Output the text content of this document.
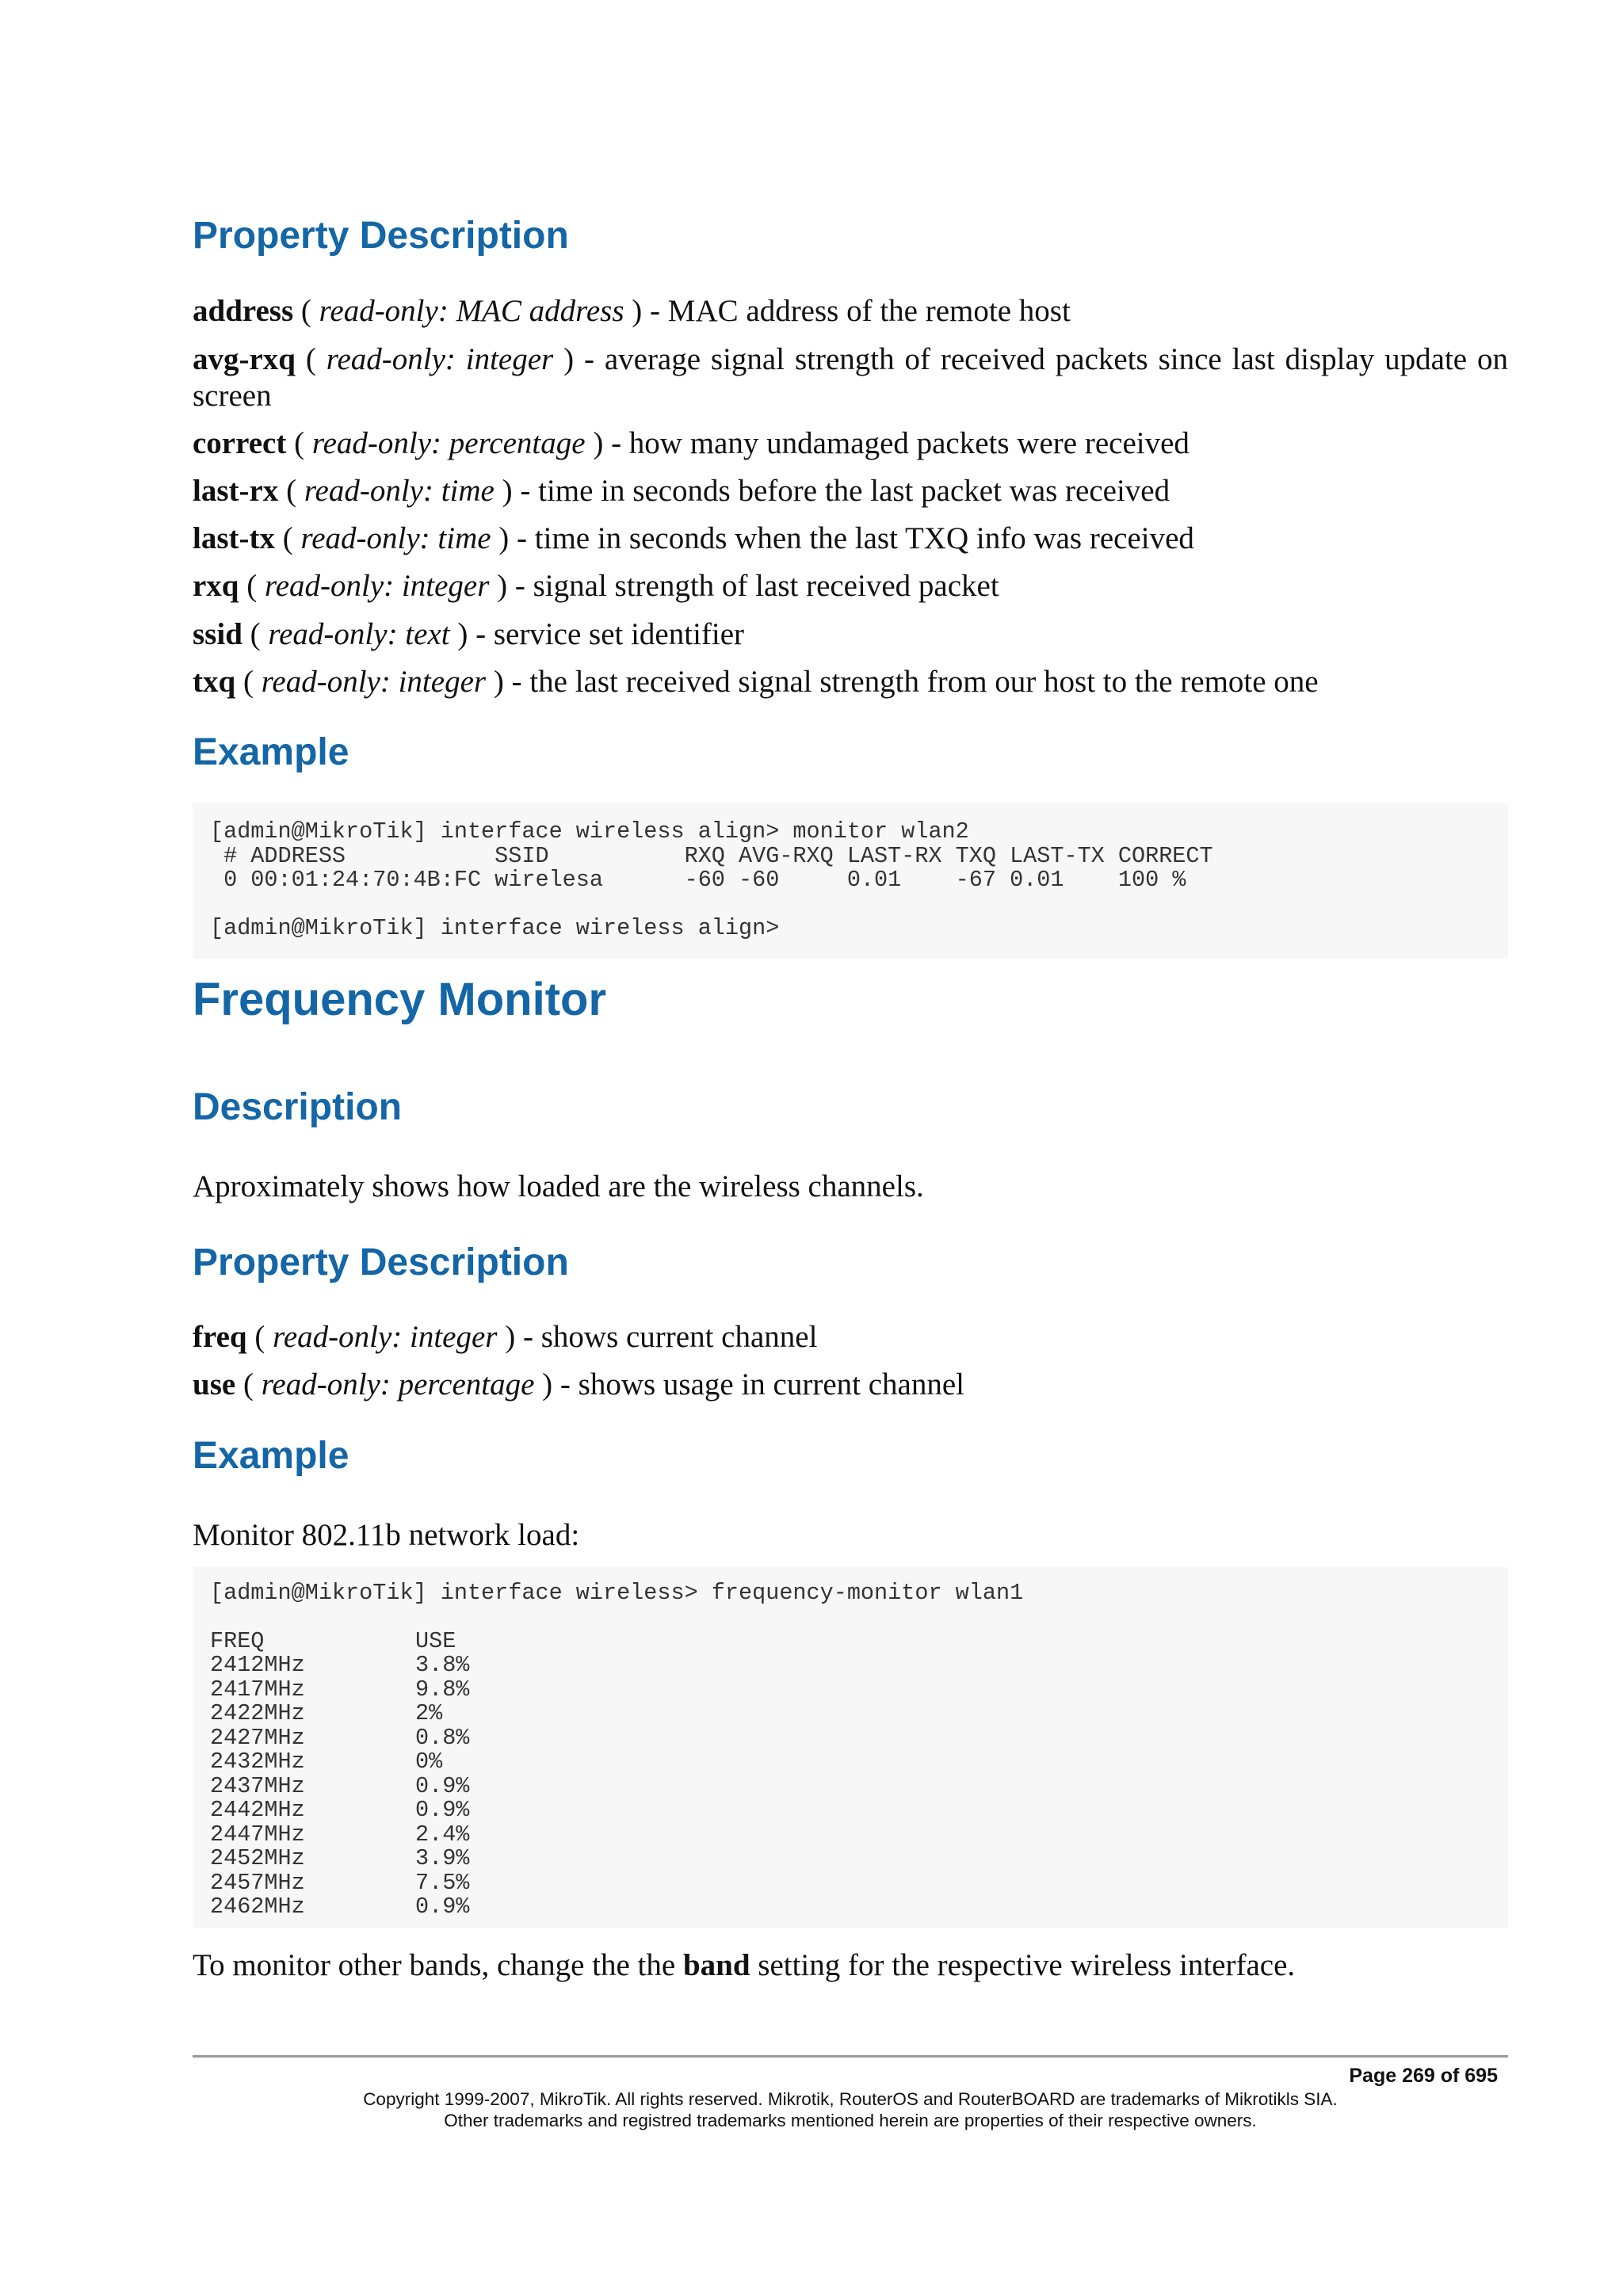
Property Description

address ( read-only: MAC address ) - MAC address of the remote host

avg-rxq ( read-only: integer ) - average signal strength of received packets since last display update on screen

correct ( read-only: percentage ) - how many undamaged packets were received

last-rx ( read-only: time ) - time in seconds before the last packet was received

last-tx ( read-only: time ) - time in seconds when the last TXQ info was received

rxq ( read-only: integer ) - signal strength of last received packet

ssid ( read-only: text ) - service set identifier

txq ( read-only: integer ) - the last received signal strength from our host to the remote one

Example
[admin@MikroTik] interface wireless align> monitor wlan2
# ADDRESS           SSID          RXQ AVG-RXQ LAST-RX TXQ LAST-TX CORRECT
0 00:01:24:70:4B:FC wirelesa      -60 -60     0.01    -67 0.01    100 %

[admin@MikroTik] interface wireless align>
Frequency Monitor
Description

Aproximately shows how loaded are the wireless channels.

Property Description

freq ( read-only: integer ) - shows current channel

use ( read-only: percentage ) - shows usage in current channel

Example

Monitor 802.11b network load:

[admin@MikroTik] interface wireless> frequency-monitor wlan1
FREQ	USE
2412MHz	3.8%
2417MHz	9.8%
2422MHz	2%
2427MHz	0.8%
2432MHz	0%
2437MHz	0.9%
2442MHz	0.9%
2447MHz	2.4%
2452MHz	3.9%
2457MHz	7.5%
2462MHz	0.9%

To monitor other bands, change the the band setting for the respective wireless interface.

Page 269 of 695
Copyright 1999-2007, MikroTik. All rights reserved. Mikrotik, RouterOS and RouterBOARD are trademarks of Mikrotikls SIA.
Other trademarks and registred trademarks mentioned herein are properties of their respective owners.
